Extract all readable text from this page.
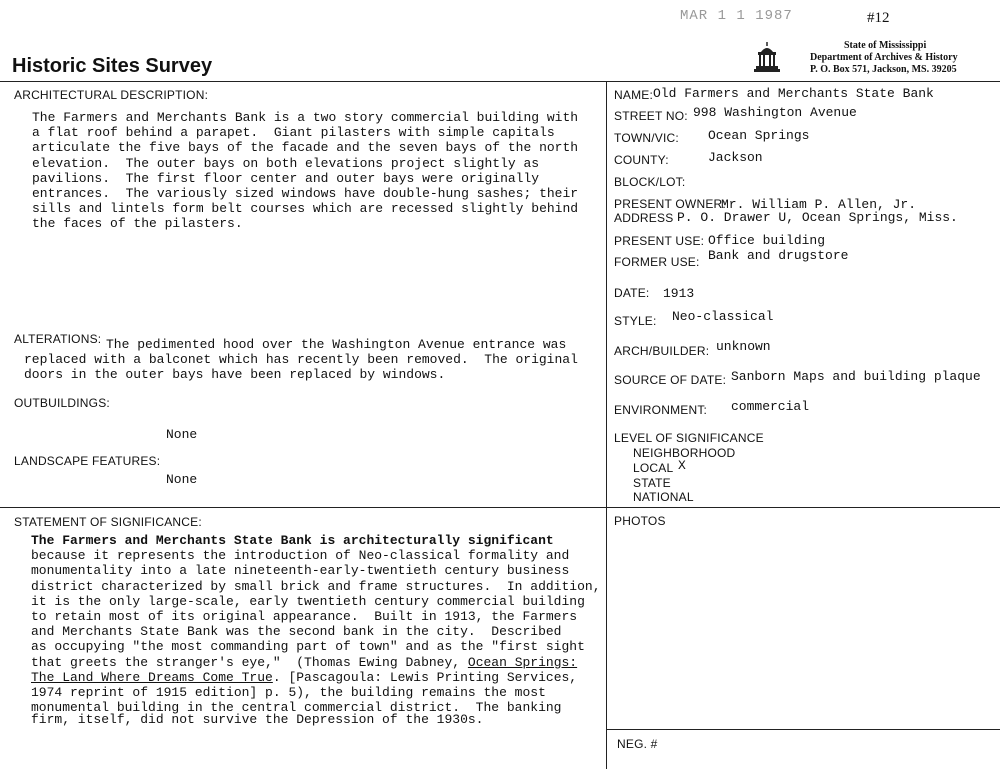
MAR 1 1 1987	#12
Historic Sites Survey
State of Mississippi
Department of Archives & History
P. O. Box 571, Jackson, MS. 39205
ARCHITECTURAL DESCRIPTION:
The Farmers and Merchants Bank is a two story commercial building with
a flat roof behind a parapet.  Giant pilasters with simple capitals
articulate the five bays of the facade and the seven bays of the north
elevation.  The outer bays on both elevations project slightly as
pavilions.  The first floor center and outer bays were originally
entrances.  The variously sized windows have double-hung sashes; their
sills and lintels form belt courses which are recessed slightly behind
the faces of the pilasters.
ALTERATIONS: The pedimented hood over the Washington Avenue entrance was
replaced with a balconet which has recently been removed.  The original
doors in the outer bays have been replaced by windows.
OUTBUILDINGS:
None
LANDSCAPE FEATURES:
None
NAME: Old Farmers and Merchants State Bank
STREET NO: 998 Washington Avenue
TOWN/VIC: Ocean Springs
COUNTY:	Jackson
BLOCK/LOT:
PRESENT OWNER:
Mr. William P. Allen, Jr.
ADDRESS P. O. Drawer U, Ocean Springs, Miss.
PRESENT USE: Office building
FORMER USE: Bank and drugstore
DATE: 1913
STYLE: Neo-classical
ARCH/BUILDER: unknown
SOURCE OF DATE: Sanborn Maps and building plaque
ENVIRONMENT: commercial
LEVEL OF SIGNIFICANCE
NEIGHBORHOOD
LOCAL X
STATE
NATIONAL
PHOTOS
NEG. #
STATEMENT OF SIGNIFICANCE:
The Farmers and Merchants State Bank is architecturally significant
because it represents the introduction of Neo-classical formality and
monumentality into a late nineteenth-early-twentieth century business
district characterized by small brick and frame structures.  In addition,
it is the only large-scale, early twentieth century commercial building
to retain most of its original appearance.  Built in 1913, the Farmers
and Merchants State Bank was the second bank in the city.  Described
as occupying "the most commanding part of town" and as the "first sight
that greets the stranger's eye,"  (Thomas Ewing Dabney, Ocean Springs:
The Land Where Dreams Come True. [Pascagoula: Lewis Printing Services,
1974 reprint of 1915 edition] p. 5), the building remains the most
monumental building in the central commercial district.  The banking
firm, itself, did not survive the Depression of the 1930s.
